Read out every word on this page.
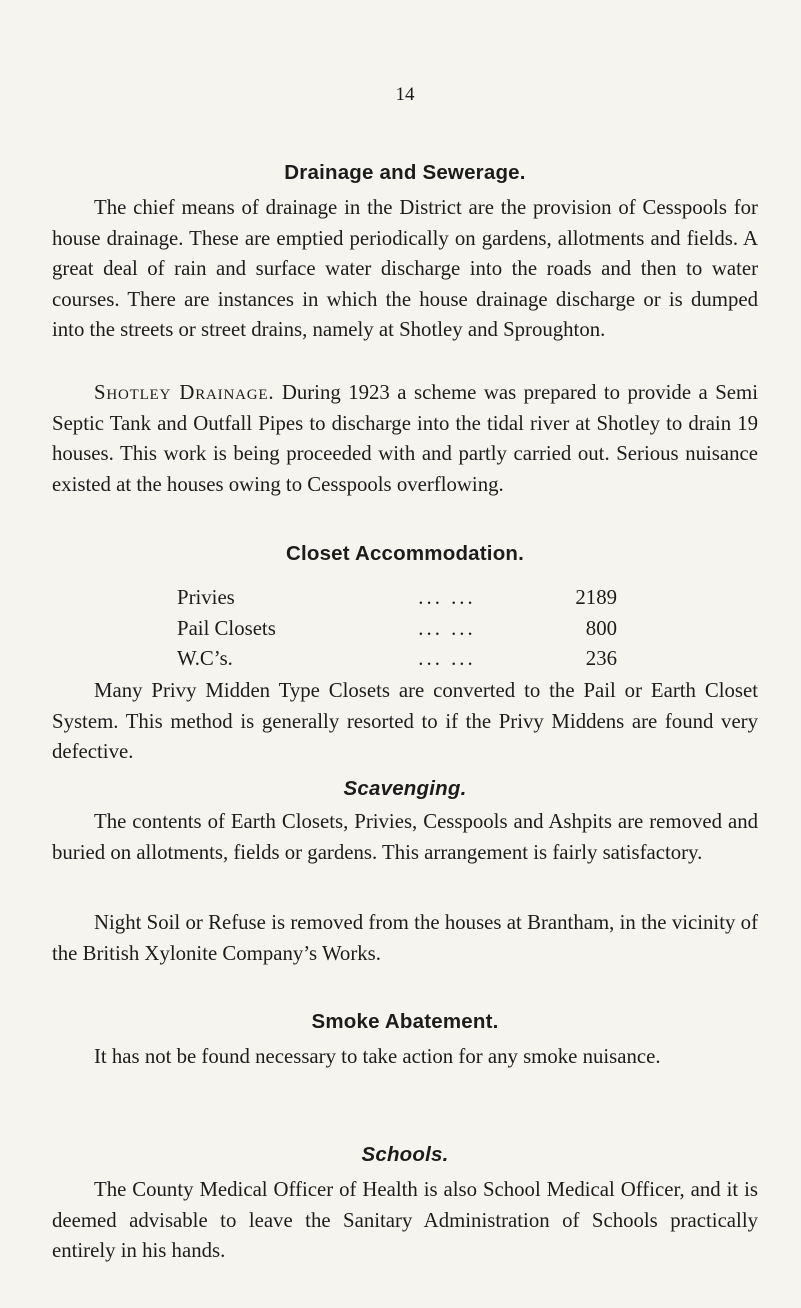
14
Drainage and Sewerage.

The chief means of drainage in the District are the provision of Cesspools for house drainage. These are emptied periodically on gardens, allotments and fields. A great deal of rain and surface water discharge into the roads and then to water courses. There are instances in which the house drainage discharge or is dumped into the streets or street drains, namely at Shotley and Sproughton.

Shotley Drainage. During 1923 a scheme was prepared to provide a Semi Septic Tank and Outfall Pipes to discharge into the tidal river at Shotley to drain 19 houses. This work is being proceeded with and partly carried out. Serious nuisance existed at the houses owing to Cesspools overflowing.

Closet Accommodation.
Privies	... ...	2189
Pail Closets	... ...	800
W.C’s.	... ...	236

Many Privy Midden Type Closets are converted to the Pail or Earth Closet System. This method is generally resorted to if the Privy Middens are found very defective.

Scavenging.

The contents of Earth Closets, Privies, Cesspools and Ashpits are removed and buried on allotments, fields or gardens. This arrangement is fairly satisfactory.

Night Soil or Refuse is removed from the houses at Brantham, in the vicinity of the British Xylonite Company’s Works.

Smoke Abatement.

It has not be found necessary to take action for any smoke nuisance.

Schools.

The County Medical Officer of Health is also School Medical Officer, and it is deemed advisable to leave the Sanitary Administration of Schools practically entirely in his hands.
